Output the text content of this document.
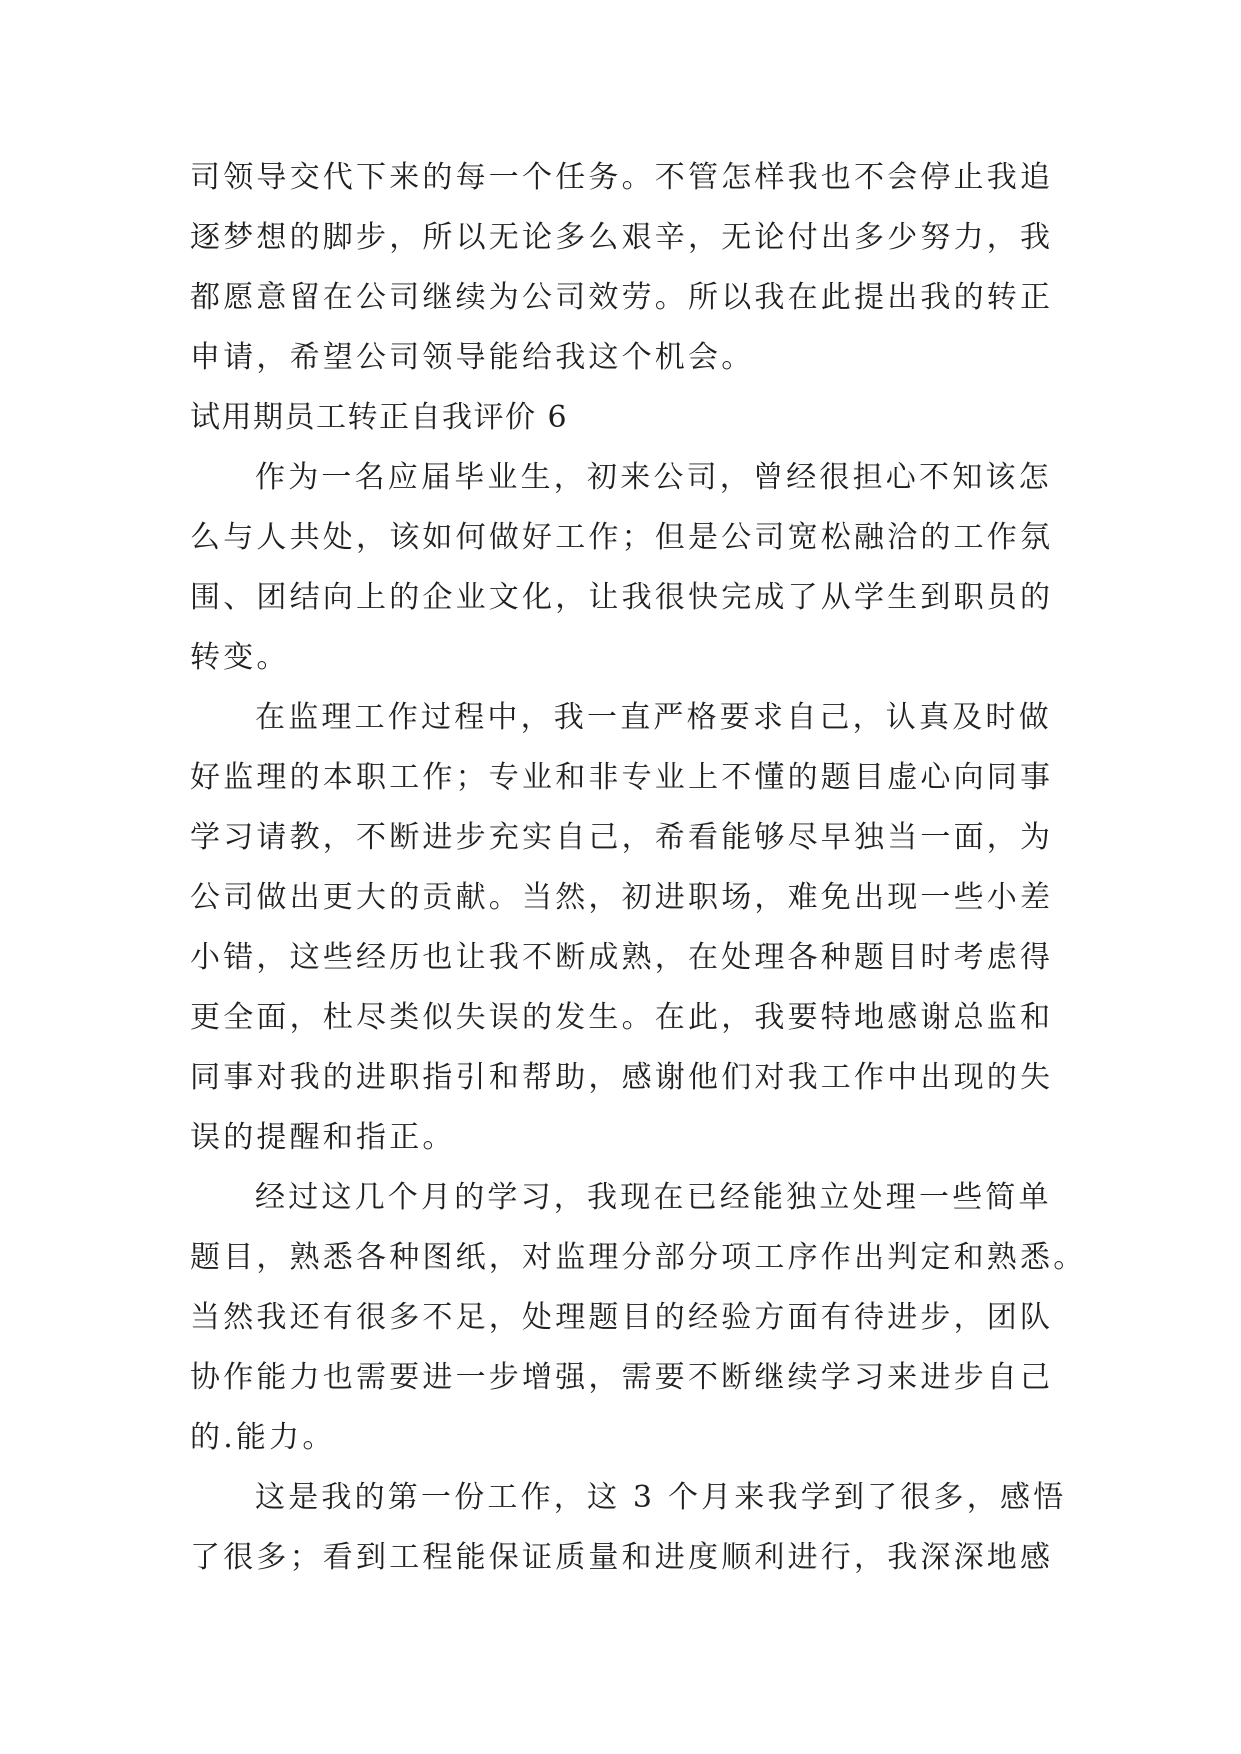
司领导交代下来的每一个任务。不管怎样我也不会停止我追
逐梦想的脚步，所以无论多么艰辛，无论付出多少努力，我
都愿意留在公司继续为公司效劳。所以我在此提出我的转正
申请，希望公司领导能给我这个机会。
试用期员工转正自我评价 6
作为一名应届毕业生，初来公司，曾经很担心不知该怎
么与人共处，该如何做好工作；但是公司宽松融洽的工作氛
围、团结向上的企业文化，让我很快完成了从学生到职员的
转变。
在监理工作过程中，我一直严格要求自己，认真及时做
好监理的本职工作；专业和非专业上不懂的题目虚心向同事
学习请教，不断进步充实自己，希看能够尽早独当一面，为
公司做出更大的贡献。当然，初进职场，难免出现一些小差
小错，这些经历也让我不断成熟，在处理各种题目时考虑得
更全面，杜尽类似失误的发生。在此，我要特地感谢总监和
同事对我的进职指引和帮助，感谢他们对我工作中出现的失
误的提醒和指正。
经过这几个月的学习，我现在已经能独立处理一些简单
题目，熟悉各种图纸，对监理分部分项工序作出判定和熟悉。
当然我还有很多不足，处理题目的经验方面有待进步，团队
协作能力也需要进一步增强，需要不断继续学习来进步自己
的.能力。
这是我的第一份工作，这 3 个月来我学到了很多，感悟
了很多；看到工程能保证质量和进度顺利进行，我深深地感
